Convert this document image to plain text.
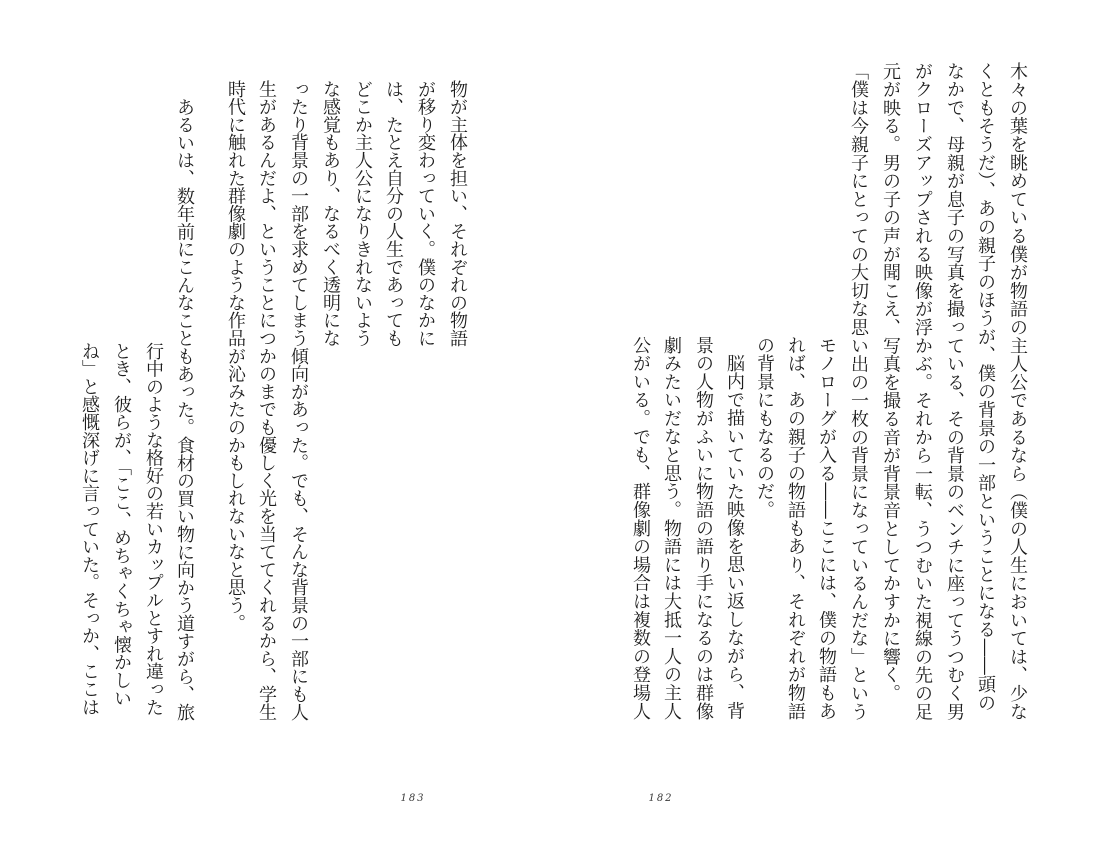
物が主体を担い、それぞれの物語
が移り変わっていく。僕のなかに
は、たとえ自分の人生であっても
どこか主人公になりきれないよう
な感覚もあり、なるべく透明にな
ったり背景の一部を求めてしまう傾向があった。でも、そんな背景の一部にも人
生があるんだよ、ということにつかのまでも優しく光を当ててくれるから、学生
時代に触れた群像劇のような作品が沁みたのかもしれないなと思う。
あるいは、数年前にこんなこともあった。食材の買い物に向かう道すがら、旅
行中のような格好の若いカップルとすれ違った
とき、彼らが、「ここ、めちゃくちゃ懐かしい
ね」と感慨深げに言っていた。そっか、ここは
183
木々の葉を眺めている僕が物語の主人公であるなら（僕の人生においては、少な
くともそうだ）、あの親子のほうが、僕の背景の一部ということになる――頭の
なかで、母親が息子の写真を撮っている、その背景のベンチに座ってうつむく男
がクローズアップされる映像が浮かぶ。それから一転、うつむいた視線の先の足
元が映る。男の子の声が聞こえ、写真を撮る音が背景音としてかすかに響く。
「僕は今親子にとっての大切な思い出の一枚の背景になっているんだな」という
モノローグが入る――ここには、僕の物語もあ
れば、あの親子の物語もあり、それぞれが物語
の背景にもなるのだ。
脳内で描いていた映像を思い返しながら、背
景の人物がふいに物語の語り手になるのは群像
劇みたいだなと思う。物語には大抵一人の主人
公がいる。でも、群像劇の場合は複数の登場人
182
